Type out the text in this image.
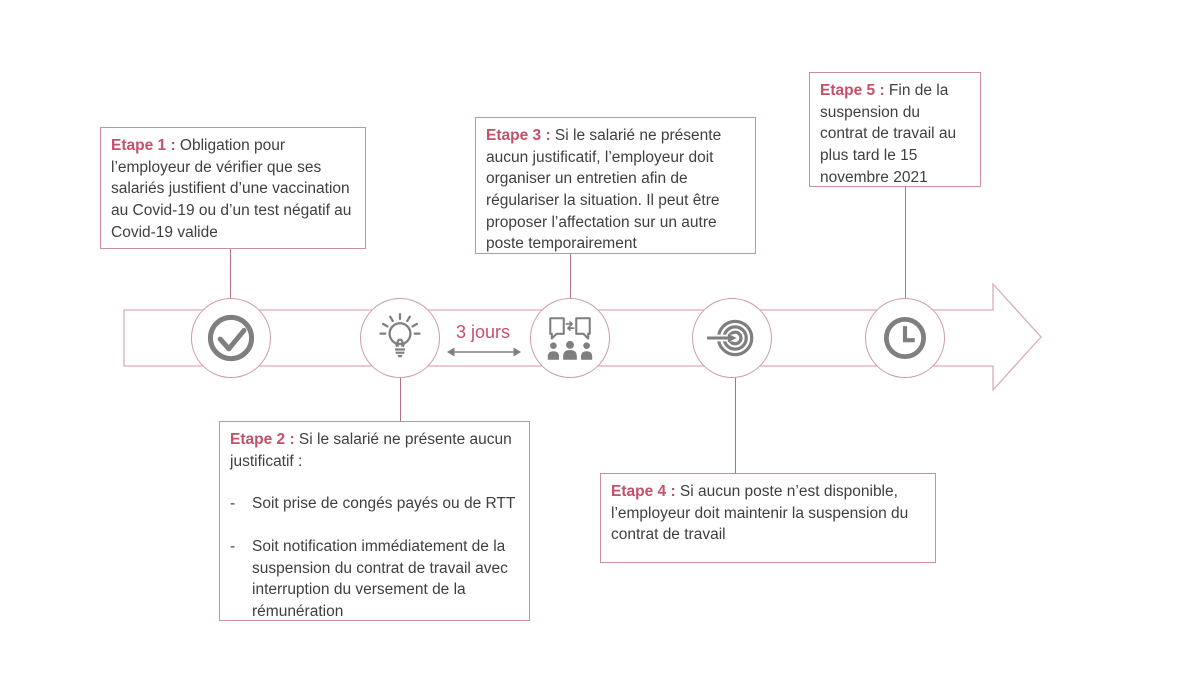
3 jours
Etape 1 : Obligation pour l’employeur de vérifier que ses salariés justifient d’une vaccination au Covid-19 ou d’un test négatif au Covid-19 valide
Etape 3 : Si le salarié ne présente aucun justificatif, l’employeur doit organiser un entretien afin de régulariser la situation. Il peut être proposer l’affectation sur un autre poste temporairement
Etape 5 : Fin de la suspension du contrat de travail au plus tard le 15 novembre 2021
Etape 2 : Si le salarié ne présente aucun justificatif :
-	Soit prise de congés payés ou de RTT
-	Soit notification immédiatement de la suspension du contrat de travail avec interruption du versement de la rémunération
Etape 4 : Si aucun poste n’est disponible, l’employeur doit maintenir la suspension du contrat de travail
